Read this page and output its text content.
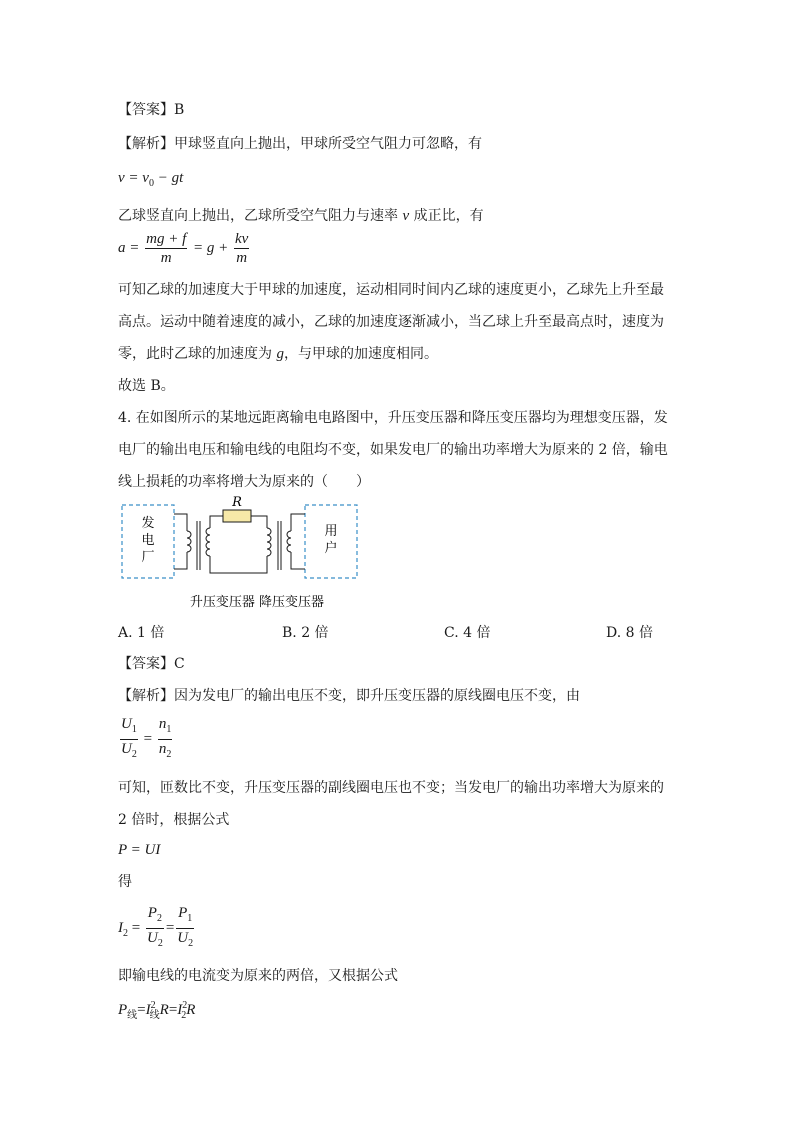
【答案】B
【解析】甲球竖直向上抛出，甲球所受空气阻力可忽略，有
$v = v_0$ − gt
乙球竖直向上抛出，乙球所受空气阻力与速率 v 成正比，有
$a = \frac{mg + f}{m} = g + \frac{kv}{m}$
可知乙球的加速度大于甲球的加速度，运动相同时间内乙球的速度更小，乙球先上升至最
高点。运动中随着速度的减小，乙球的加速度逐渐减小，当乙球上升至最高点时，速度为
零，此时乙球的加速度为 g，与甲球的加速度相同。
故选 B。
4. 在如图所示的某地远距离输电电路图中，升压变压器和降压变压器均为理想变压器，发
电厂的输出电压和输电线的电阻均不变，如果发电厂的输出功率增大为原来的 2 倍，输电
线上损耗的功率将增大为原来的（　　）
发
电
厂
用
户
R
升压变压器 降压变压器
A. 1 倍	B. 2 倍	C. 4 倍	D. 8 倍
【答案】C
【解析】因为发电厂的输出电压不变，即升压变压器的原线圈电压不变，由
$\frac{U_1}{U_2} = \frac{n_1}{n_2}$
可知，匝数比不变，升压变压器的副线圈电压也不变；当发电厂的输出功率增大为原来的
2 倍时，根据公式
P = UI
得
$I_2 = \frac{P_2}{U_2} = \frac{P_1}{U_2}$
即输电线的电流变为原来的两倍，又根据公式
$P_线=I^2_线R=I^2_2R$
